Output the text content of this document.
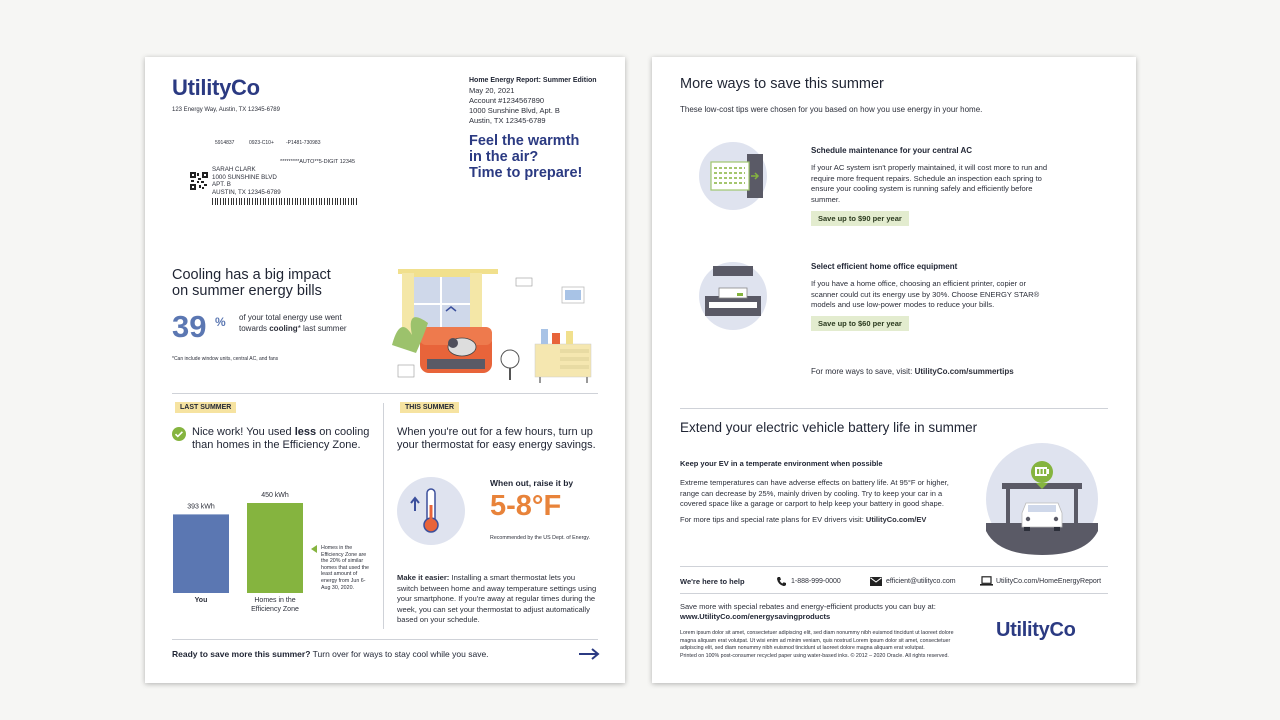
UtilityCo
123 Energy Way, Austin, TX 12345-6789
Home Energy Report: Summer Edition
May 20, 2021
Account #1234567890
1000 Sunshine Blvd, Apt. B
Austin, TX 12345-6789
Feel the warmth
in the air?
Time to prepare!
5914837	0923-C10+ -P1481-730983
*********AUTO**5-DIGIT 12345
SARAH CLARK
1000 SUNSHINE BLVD
APT. B
AUSTIN, TX 12345-6789
Cooling has a big impact
on summer energy bills
39 % of your total energy use went
towards cooling* last summer
*Can include window units, central AC, and fans
LAST SUMMER
Nice work! You used less on cooling
than homes in the Efficiency Zone.
393 kWh
You
450 kWh
Homes in the
Efficiency Zone
Homes in the
Efficiency Zone are
the 20% of similar
homes that used the
least amount of
energy from Jun 6-
Aug 30, 2020.
THIS SUMMER
When you're out for a few hours, turn up
your thermostat for easy energy savings.
When out, raise it by
5-8°F
Recommended by the US Dept. of Energy.
Make it easier: Installing a smart thermostat lets you
switch between home and away temperature settings using
your smartphone. If you're away at regular times during the
week, you can set your thermostat to adjust automatically
based on your schedule.
Ready to save more this summer? Turn over for ways to stay cool while you save.
More ways to save this summer
These low-cost tips were chosen for you based on how you use energy in your home.
Schedule maintenance for your central AC
If your AC system isn't properly maintained, it will cost more to run and
require more frequent repairs. Schedule an inspection each spring to
ensure your cooling system is running safely and efficiently before
summer.
Save up to $90 per year
Select efficient home office equipment
If you have a home office, choosing an efficient printer, copier or
scanner could cut its energy use by 30%. Choose ENERGY STAR®
models and use low-power modes to reduce your bills.
Save up to $60 per year
For more ways to save, visit: UtilityCo.com/summertips
Extend your electric vehicle battery life in summer
Keep your EV in a temperate environment when possible
Extreme temperatures can have adverse effects on battery life. At 95°F or higher,
range can decrease by 25%, mainly driven by cooling. Try to keep your car in a
covered space like a garage or carport to help keep your battery in good shape.
For more tips and special rate plans for EV drivers visit: UtilityCo.com/EV
We're here to help	1-888-999-0000	efficient@utilityco.com	UtilityCo.com/HomeEnergyReport
Save more with special rebates and energy-efficient products you can buy at:
www.UtilityCo.com/energysavingproducts
Lorem ipsum dolor sit amet, consectetuer adipiscing elit, sed diam nonummy nibh euismod tincidunt ut laoreet dolore
magna aliquam erat volutpat. Ut wisi enim ad minim veniam, quis nostrud Lorem ipsum dolor sit amet, consectetuer
adipiscing elit, sed diam nonummy nibh euismod tincidunt ut laoreet dolore magna aliquam erat volutpat.
Printed on 100% post-consumer recycled paper using water-based inks. © 2012 – 2020 Oracle. All rights reserved.
UtilityCo
